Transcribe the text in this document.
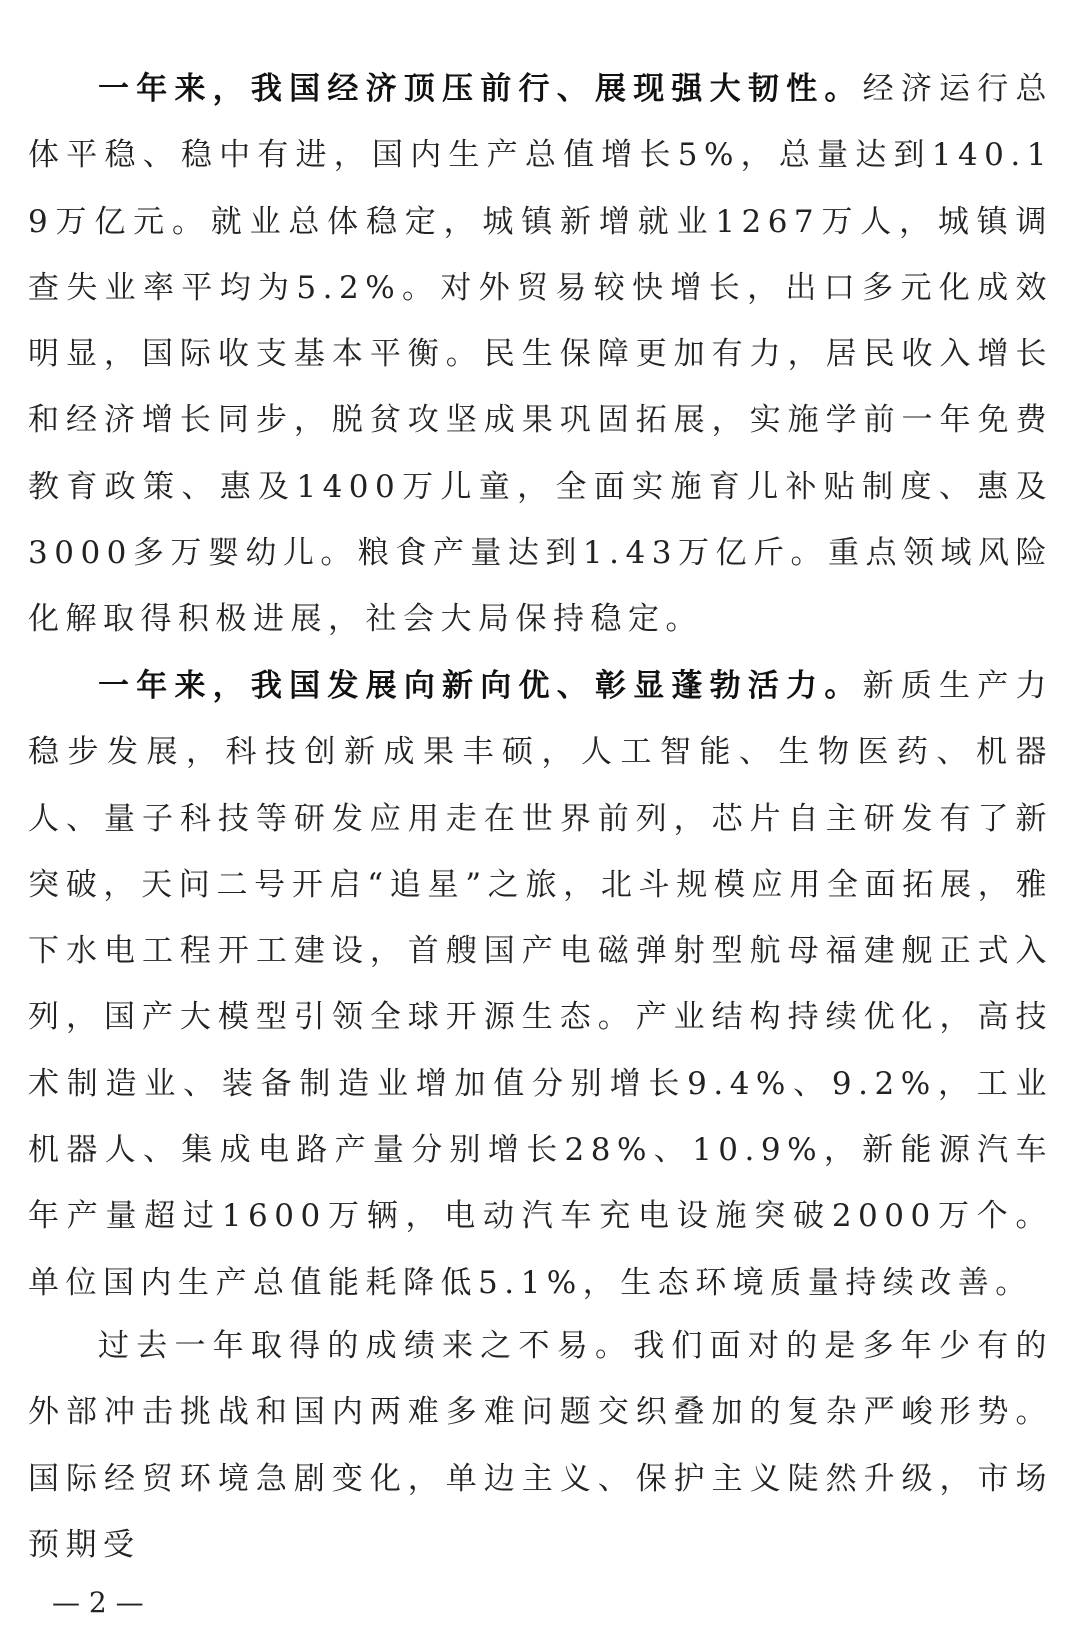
一年来，我国经济顶压前行、展现强大韧性。经济运行总体平稳、稳中有进，国内生产总值增长5%，总量达到140.19万亿元。就业总体稳定，城镇新增就业1267万人，城镇调查失业率平均为5.2%。对外贸易较快增长，出口多元化成效明显，国际收支基本平衡。民生保障更加有力，居民收入增长和经济增长同步，脱贫攻坚成果巩固拓展，实施学前一年免费教育政策、惠及1400万儿童，全面实施育儿补贴制度、惠及3000多万婴幼儿。粮食产量达到1.43万亿斤。重点领域风险化解取得积极进展，社会大局保持稳定。

一年来，我国发展向新向优、彰显蓬勃活力。新质生产力稳步发展，科技创新成果丰硕，人工智能、生物医药、机器人、量子科技等研发应用走在世界前列，芯片自主研发有了新突破，天问二号开启“追星”之旅，北斗规模应用全面拓展，雅下水电工程开工建设，首艘国产电磁弹射型航母福建舰正式入列，国产大模型引领全球开源生态。产业结构持续优化，高技术制造业、装备制造业增加值分别增长9.4%、9.2%，工业机器人、集成电路产量分别增长28%、10.9%，新能源汽车年产量超过1600万辆，电动汽车充电设施突破2000万个。单位国内生产总值能耗降低5.1%，生态环境质量持续改善。

过去一年取得的成绩来之不易。我们面对的是多年少有的外部冲击挑战和国内两难多难问题交织叠加的复杂严峻形势。国际经贸环境急剧变化，单边主义、保护主义陡然升级，市场预期受

— 2 —
